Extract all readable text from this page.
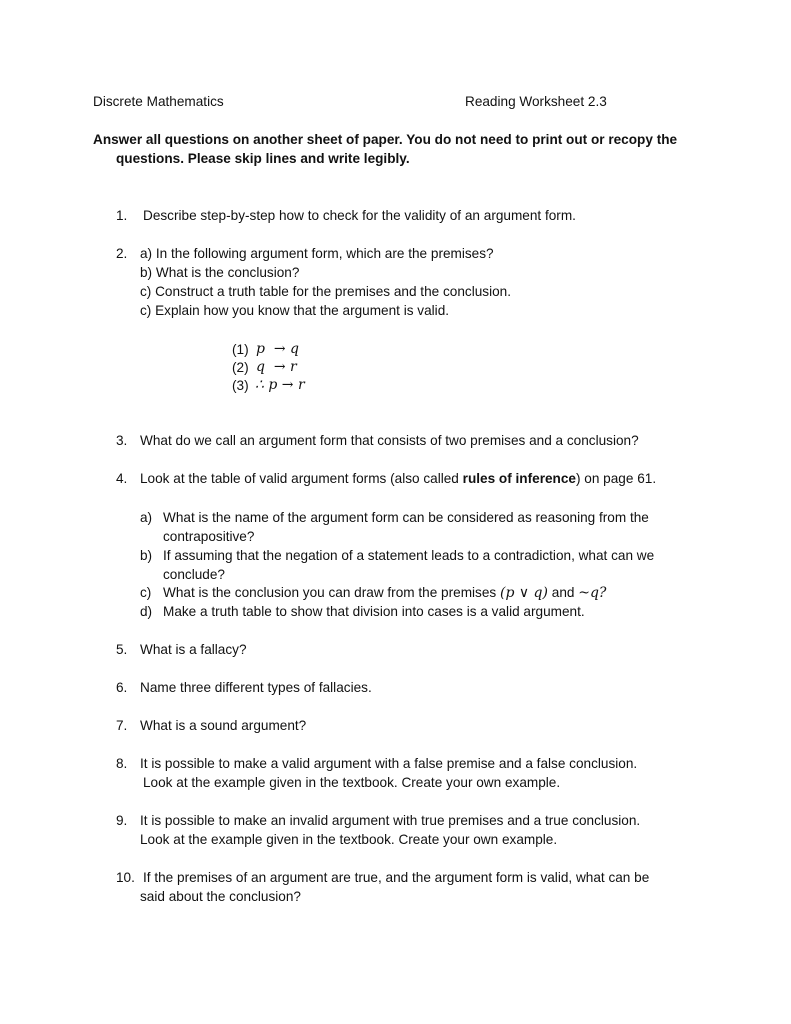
Discrete Mathematics	Reading Worksheet 2.3
Answer all questions on another sheet of paper. You do not need to print out or recopy the
questions. Please skip lines and write legibly.
1. Describe step-by-step how to check for the validity of an argument form.
2. a) In the following argument form, which are the premises?
b) What is the conclusion?
c) Construct a truth table for the premises and the conclusion.
c) Explain how you know that the argument is valid.
(1) p  → q
(2) q  → r
(3) ∴ p → r
3. What do we call an argument form that consists of two premises and a conclusion?
4. Look at the table of valid argument forms (also called rules of inference) on page 61.
a) What is the name of the argument form can be considered as reasoning from the
contrapositive?
b) If assuming that the negation of a statement leads to a contradiction, what can we
conclude?
c) What is the conclusion you can draw from the premises (p ∨ q) and ~q?
d) Make a truth table to show that division into cases is a valid argument.
5. What is a fallacy?
6. Name three different types of fallacies.
7. What is a sound argument?
8. It is possible to make a valid argument with a false premise and a false conclusion.
Look at the example given in the textbook. Create your own example.
9. It is possible to make an invalid argument with true premises and a true conclusion.
Look at the example given in the textbook. Create your own example.
10. If the premises of an argument are true, and the argument form is valid, what can be
said about the conclusion?
